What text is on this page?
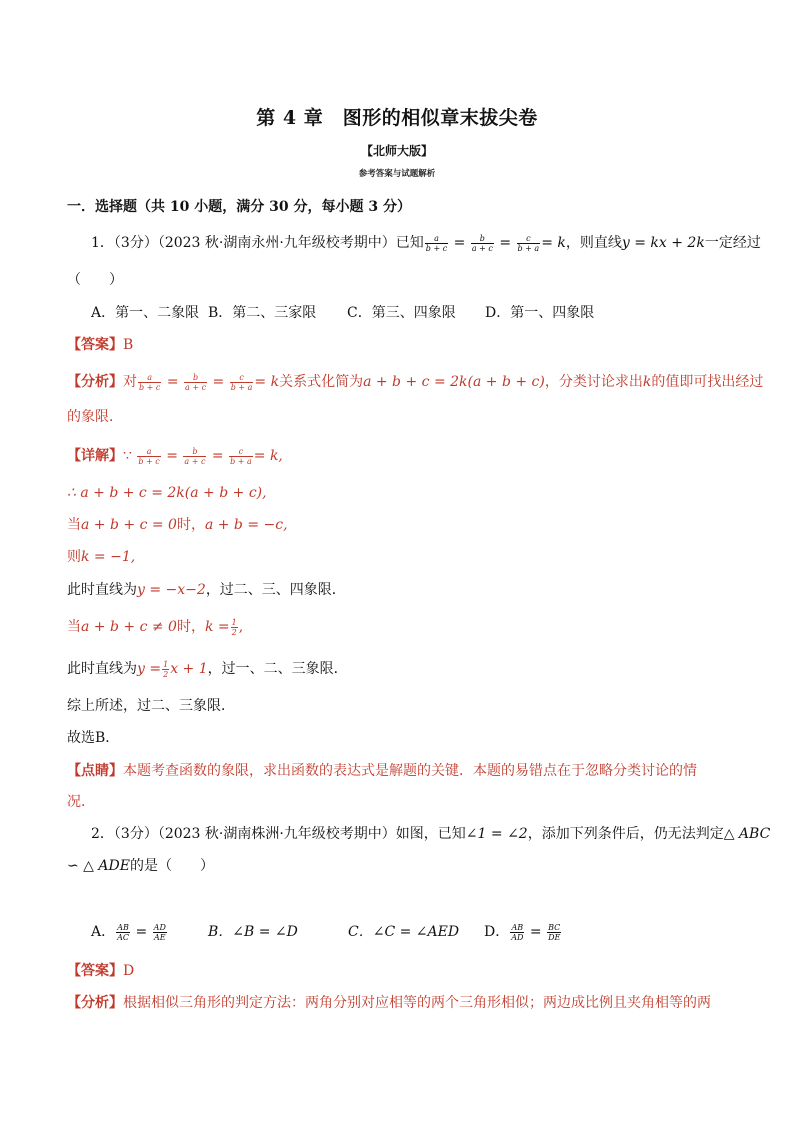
第 4 章　图形的相似章末拔尖卷
【北师大版】
参考答案与试题解析
一．选择题（共 10 小题，满分 30 分，每小题 3 分）
1．（3分）（2023 秋·湖南永州·九年级校考期中）已知 $\frac{a}{b + c} = \frac{b}{a + c} = \frac{c}{b + a} = k$，则直线y = kx + 2k一定经过
（　　）
A．第一、二象限 B．第二、三家限 C．第三、四象限 D．第一、四象限
【答案】B
【分析】对 $\frac{a}{b + c} = \frac{b}{a + c} = \frac{c}{b + a} = k$关系式化简为a + b + c = 2k(a + b + c)，分类讨论求出k的值即可找出经过
的象限．
【详解】∵ $\frac{a}{b + c} = \frac{b}{a + c} = \frac{c}{b + a} = k$,
∴ a + b + c = 2k(a + b + c),
当a + b + c = 0时，a + b = −c,
则k = −1,
此时直线为y = −x−2，过二、三、四象限．
当a + b + c ≠ 0时，$k = \frac{1}{2}$ ,
此时直线为$y = \frac{1}{2}$ x + 1，过一、二、三象限．
综上所述，过二、三象限．
故选B．
【点睛】本题考查函数的象限，求出函数的表达式是解题的关键．本题的易错点在于忽略分类讨论的情
况．
2．（3分）（2023 秋·湖南株洲·九年级校考期中）如图，已知∠1 = ∠2，添加下列条件后，仍无法判定△ ABC
∽ △ ADE的是（　　）
A． $\frac{AB}{AC} = \frac{AD}{AE}$	B．∠B = ∠D	C．∠C = ∠AED D． $\frac{AB}{AD} = \frac{BC}{DE}$
【答案】D
【分析】根据相似三角形的判定方法：两角分别对应相等的两个三角形相似；两边成比例且夹角相等的两
